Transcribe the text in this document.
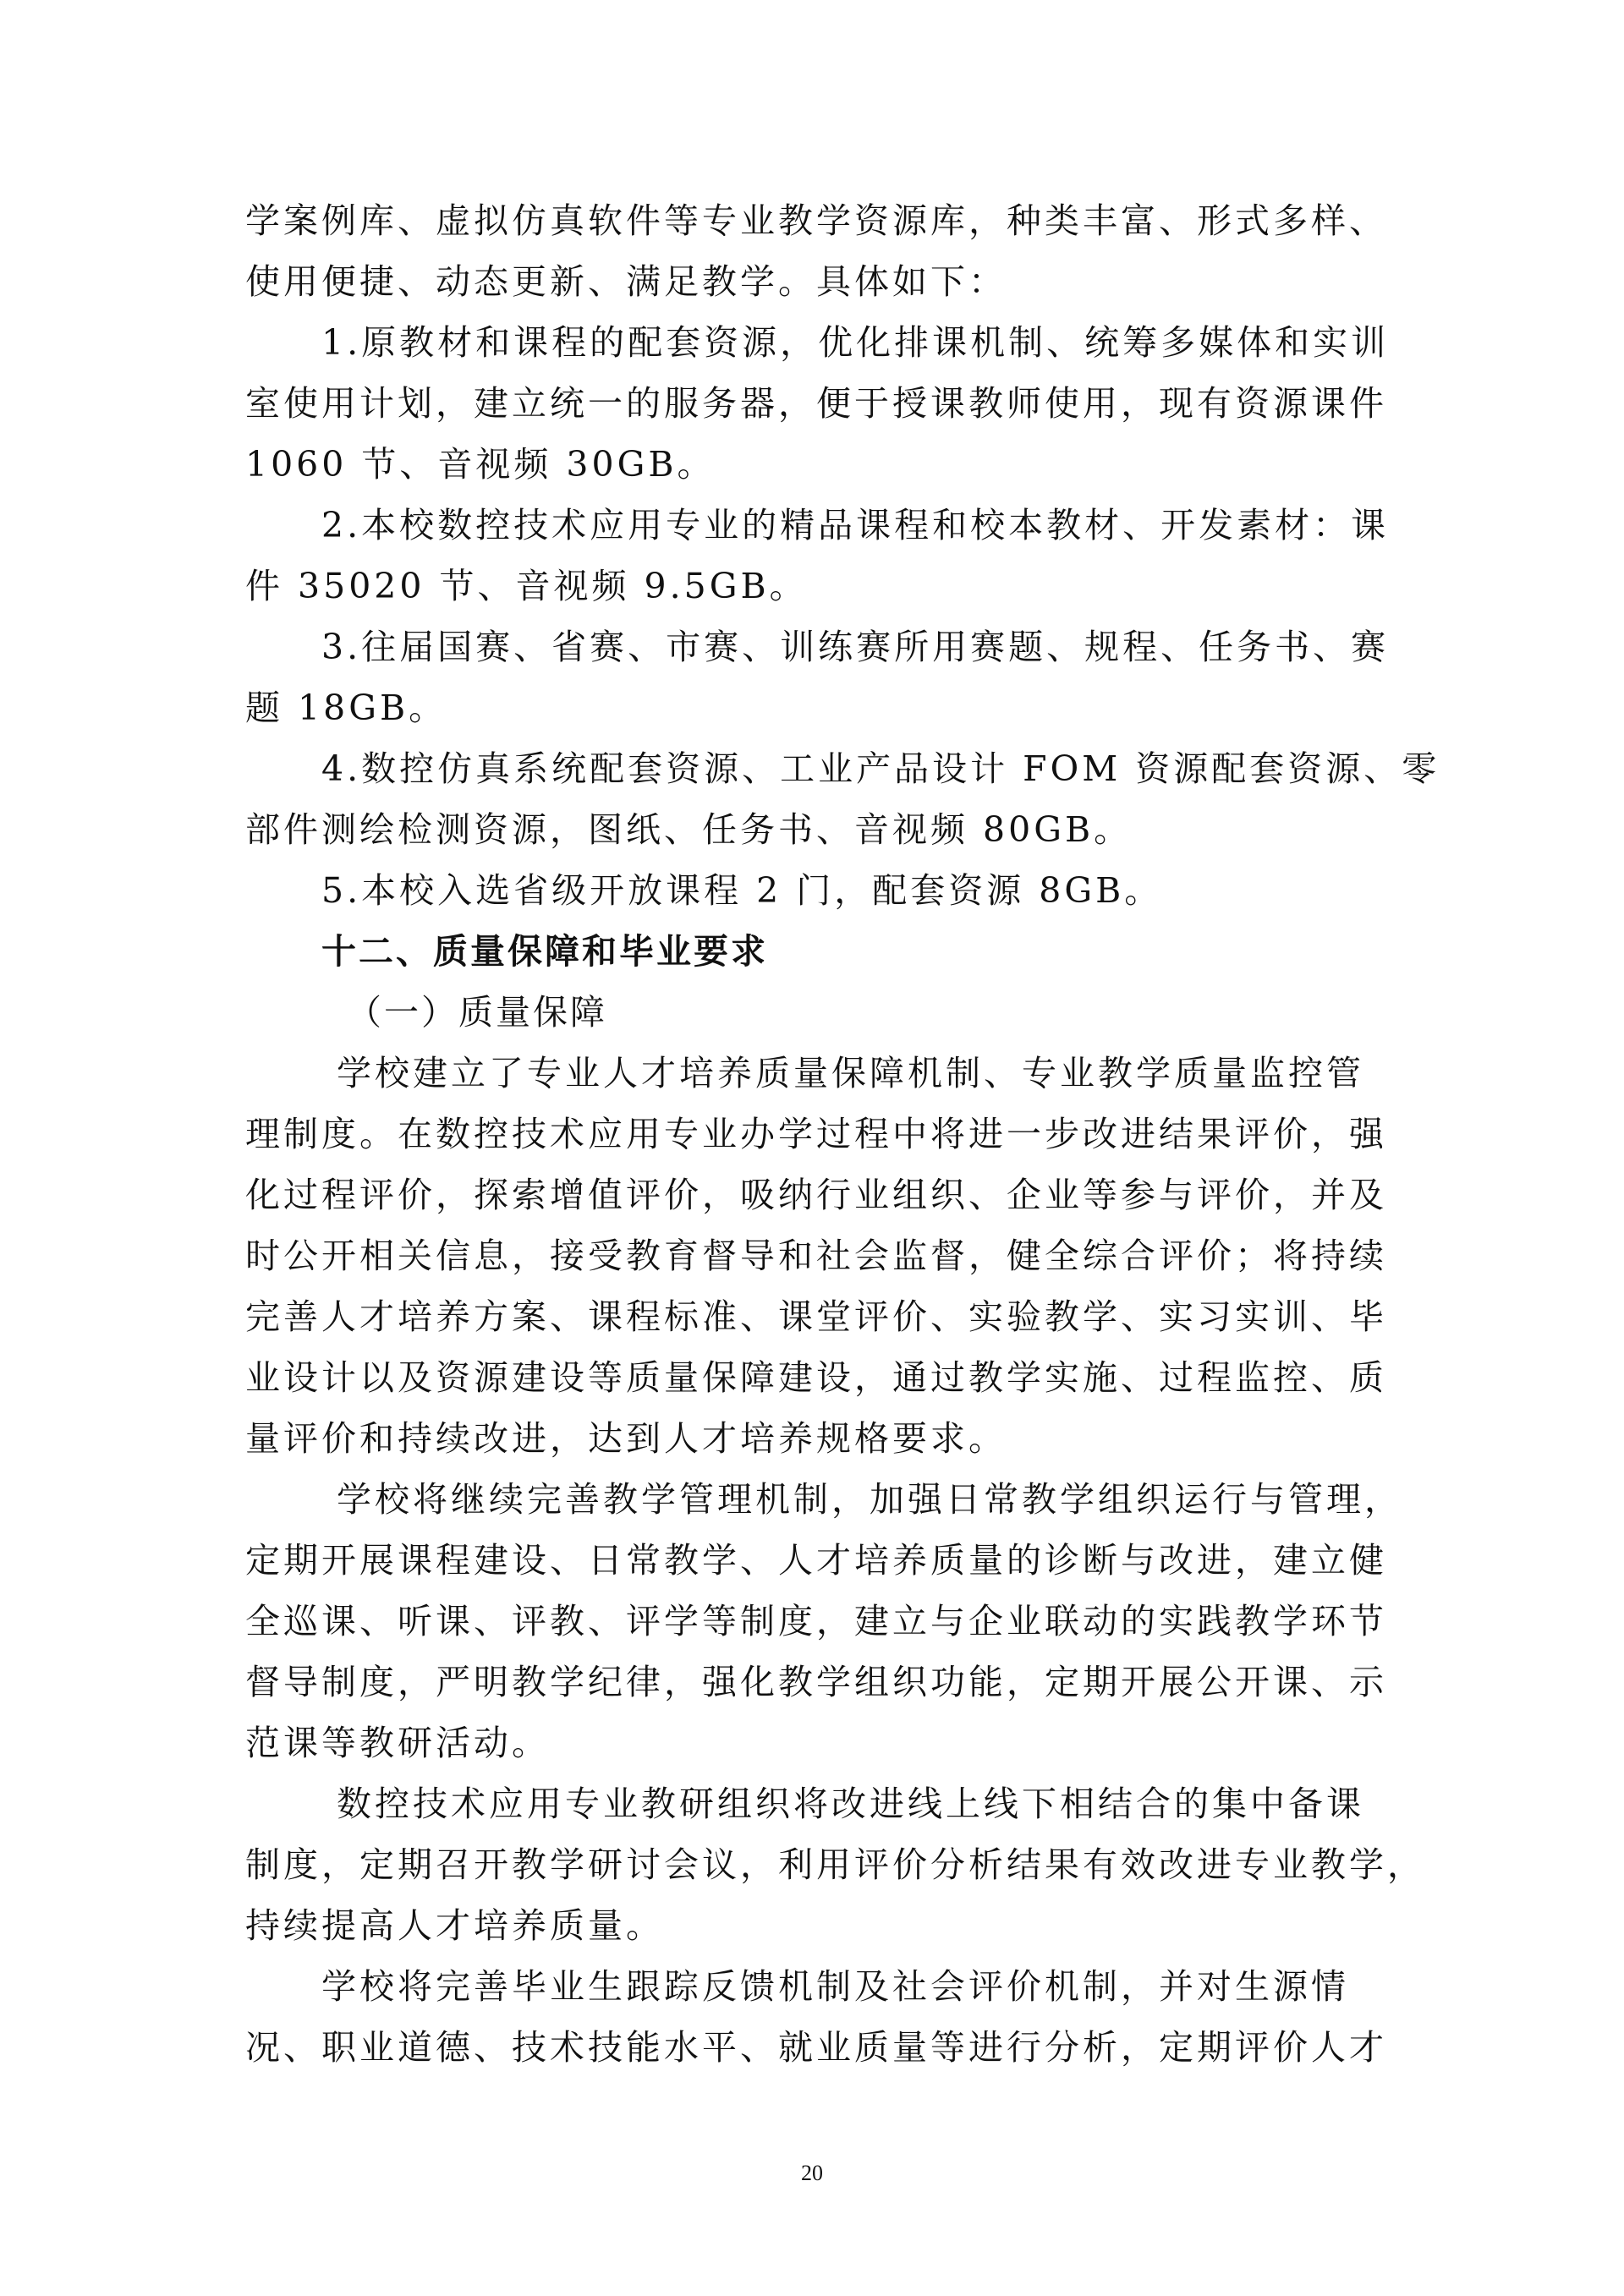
学案例库、虚拟仿真软件等专业教学资源库，种类丰富、形式多样、
使用便捷、动态更新、满足教学。具体如下：
1.原教材和课程的配套资源，优化排课机制、统筹多媒体和实训
室使用计划，建立统一的服务器，便于授课教师使用，现有资源课件
1060 节、音视频 30GB。
2.本校数控技术应用专业的精品课程和校本教材、开发素材：课
件 35020 节、音视频 9.5GB。
3.往届国赛、省赛、市赛、训练赛所用赛题、规程、任务书、赛
题 18GB。
4.数控仿真系统配套资源、工业产品设计 FOM 资源配套资源、零
部件测绘检测资源，图纸、任务书、音视频 80GB。
5.本校入选省级开放课程 2 门，配套资源 8GB。
十二、质量保障和毕业要求
（一）质量保障
学校建立了专业人才培养质量保障机制、专业教学质量监控管
理制度。在数控技术应用专业办学过程中将进一步改进结果评价，强
化过程评价，探索增值评价，吸纳行业组织、企业等参与评价，并及
时公开相关信息，接受教育督导和社会监督，健全综合评价；将持续
完善人才培养方案、课程标准、课堂评价、实验教学、实习实训、毕
业设计以及资源建设等质量保障建设，通过教学实施、过程监控、质
量评价和持续改进，达到人才培养规格要求。
学校将继续完善教学管理机制，加强日常教学组织运行与管理，
定期开展课程建设、日常教学、人才培养质量的诊断与改进，建立健
全巡课、听课、评教、评学等制度，建立与企业联动的实践教学环节
督导制度，严明教学纪律，强化教学组织功能，定期开展公开课、示
范课等教研活动。
数控技术应用专业教研组织将改进线上线下相结合的集中备课
制度，定期召开教学研讨会议，利用评价分析结果有效改进专业教学，
持续提高人才培养质量。
学校将完善毕业生跟踪反馈机制及社会评价机制，并对生源情
况、职业道德、技术技能水平、就业质量等进行分析，定期评价人才
20
